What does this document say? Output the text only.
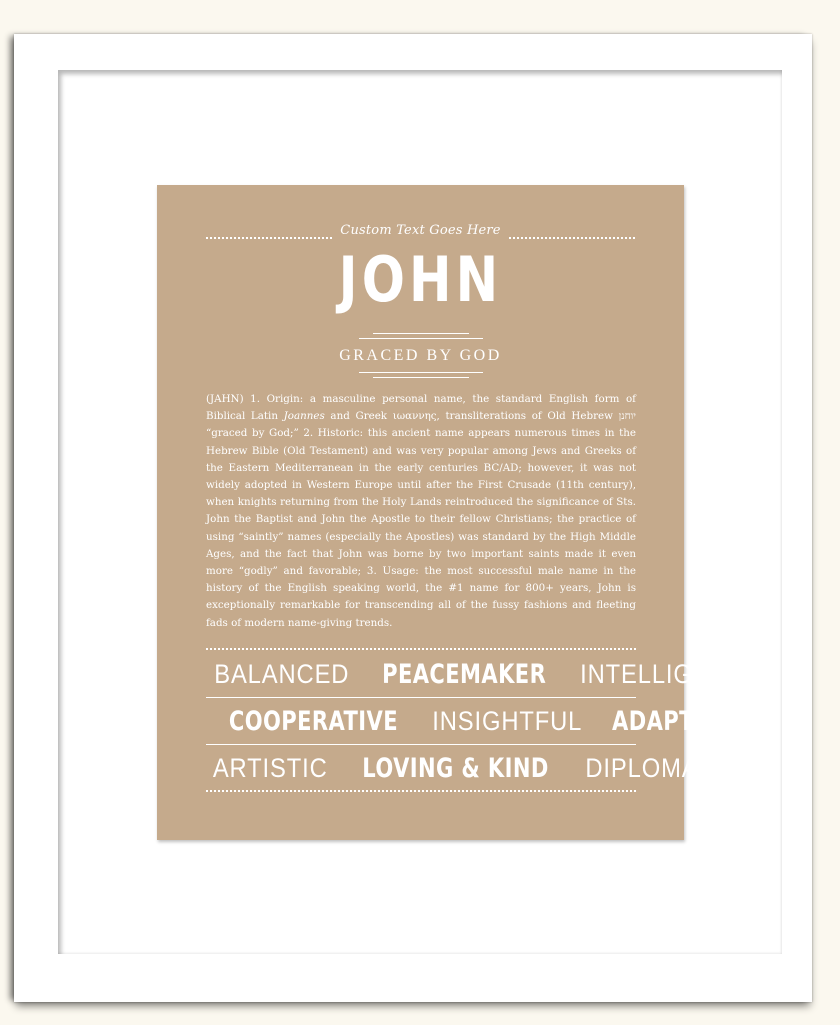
Custom Text Goes Here
JOHN
GRACED BY GOD
(JAHN) 1. Origin: a masculine personal name, the standard English form of Biblical Latin Joannes and Greek ιωαννης, transliterations of Old Hebrew יוחנן “graced by God;” 2. Historic: this ancient name appears numerous times in the Hebrew Bible (Old Testament) and was very popular among Jews and Greeks of the Eastern Mediterranean in the early centuries BC/AD; however, it was not widely adopted in Western Europe until after the First Crusade (11th century), when knights returning from the Holy Lands reintroduced the significance of Sts. John the Baptist and John the Apostle to their fellow Christians; the practice of using “saintly” names (especially the Apostles) was standard by the High Middle Ages, and the fact that John was borne by two important saints made it even more “godly” and favorable; 3. Usage: the most successful male name in the history of the English speaking world, the #1 name for 800+ years, John is exceptionally remarkable for transcending all of the fussy fashions and fleeting fads of modern name-giving trends.
BALANCED PEACEMAKER INTELLIGENT
COOPERATIVE INSIGHTFUL ADAPTABLE
ARTISTIC LOVING & KIND DIPLOMATIC
